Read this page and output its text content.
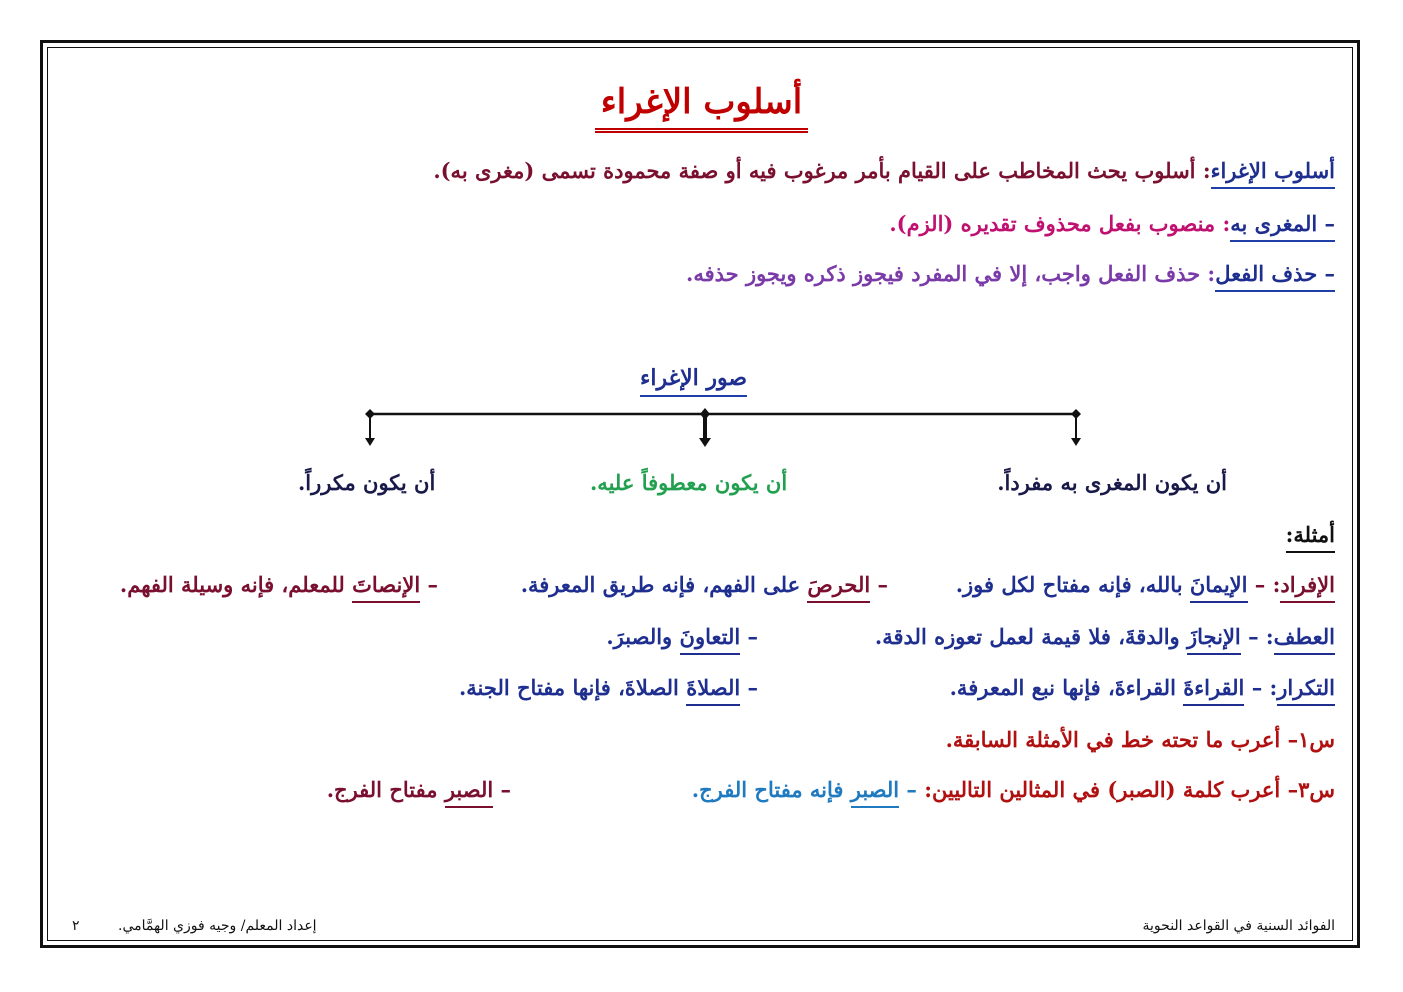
أسلوب الإغراء
أسلوب الإغراء: أسلوب يحث المخاطب على القيام بأمر مرغوب فيه أو صفة محمودة تسمى (مغرى به).
– المغرى به: منصوب بفعل محذوف تقديره (الزم).
– حذف الفعل: حذف الفعل واجب، إلا في المفرد فيجوز ذكره ويجوز حذفه.
صور الإغراء
أن يكون المغرى به مفرداً.
أن يكون معطوفاً عليه.
أن يكون مكرراً.
أمثلة:
الإفراد: – الإيمانَ بالله، فإنه مفتاح لكل فوز.
– الحرصَ على الفهم، فإنه طريق المعرفة.
– الإنصاتَ للمعلم، فإنه وسيلة الفهم.
العطف: – الإنجازَ والدقةَ، فلا قيمة لعمل تعوزه الدقة.
– التعاونَ والصبرَ.
التكرار: – القراءةَ القراءةَ، فإنها نبع المعرفة.
– الصلاةَ الصلاةَ، فإنها مفتاح الجنة.
س١– أعرب ما تحته خط في الأمثلة السابقة.
س٣– أعرب كلمة (الصبر) في المثالين التاليين: – الصبر فإنه مفتاح الفرج.
– الصبر مفتاح الفرج.
الفوائد السنية في القواعد النحوية
إعداد المعلم/ وجيه فوزي الهمَّامي.
٢
